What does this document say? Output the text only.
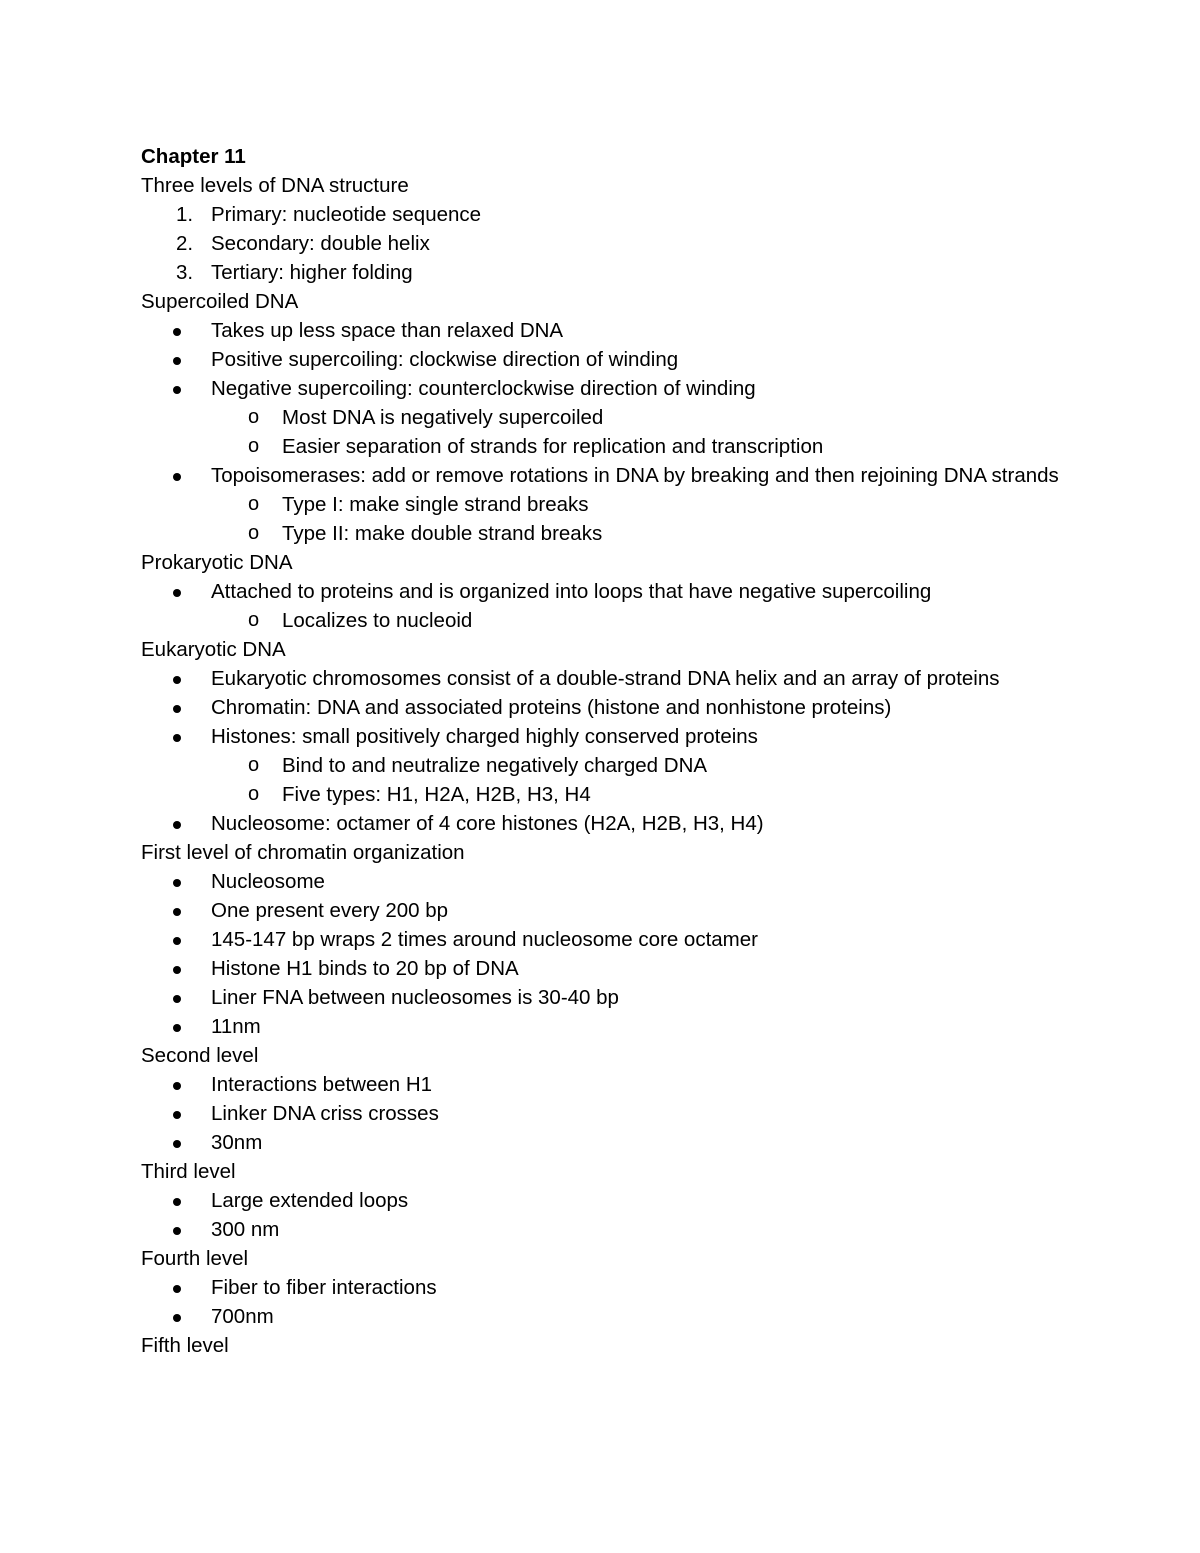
Chapter 11
Three levels of DNA structure
1. Primary: nucleotide sequence
2. Secondary: double helix
3. Tertiary: higher folding
Supercoiled DNA
Takes up less space than relaxed DNA
Positive supercoiling: clockwise direction of winding
Negative supercoiling: counterclockwise direction of winding
o Most DNA is negatively supercoiled
o Easier separation of strands for replication and transcription
Topoisomerases: add or remove rotations in DNA by breaking and then rejoining DNA strands
o Type I: make single strand breaks
o Type II: make double strand breaks
Prokaryotic DNA
Attached to proteins and is organized into loops that have negative supercoiling
o Localizes to nucleoid
Eukaryotic DNA
Eukaryotic chromosomes consist of a double-strand DNA helix and an array of proteins
Chromatin: DNA and associated proteins (histone and nonhistone proteins)
Histones: small positively charged highly conserved proteins
o Bind to and neutralize negatively charged DNA
o Five types: H1, H2A, H2B, H3, H4
Nucleosome: octamer of 4 core histones (H2A, H2B, H3, H4)
First level of chromatin organization
Nucleosome
One present every 200 bp
145-147 bp wraps 2 times around nucleosome core octamer
Histone H1 binds to 20 bp of DNA
Liner FNA between nucleosomes is 30-40 bp
11nm
Second level
Interactions between H1
Linker DNA criss crosses
30nm
Third level
Large extended loops
300 nm
Fourth level
Fiber to fiber interactions
700nm
Fifth level
